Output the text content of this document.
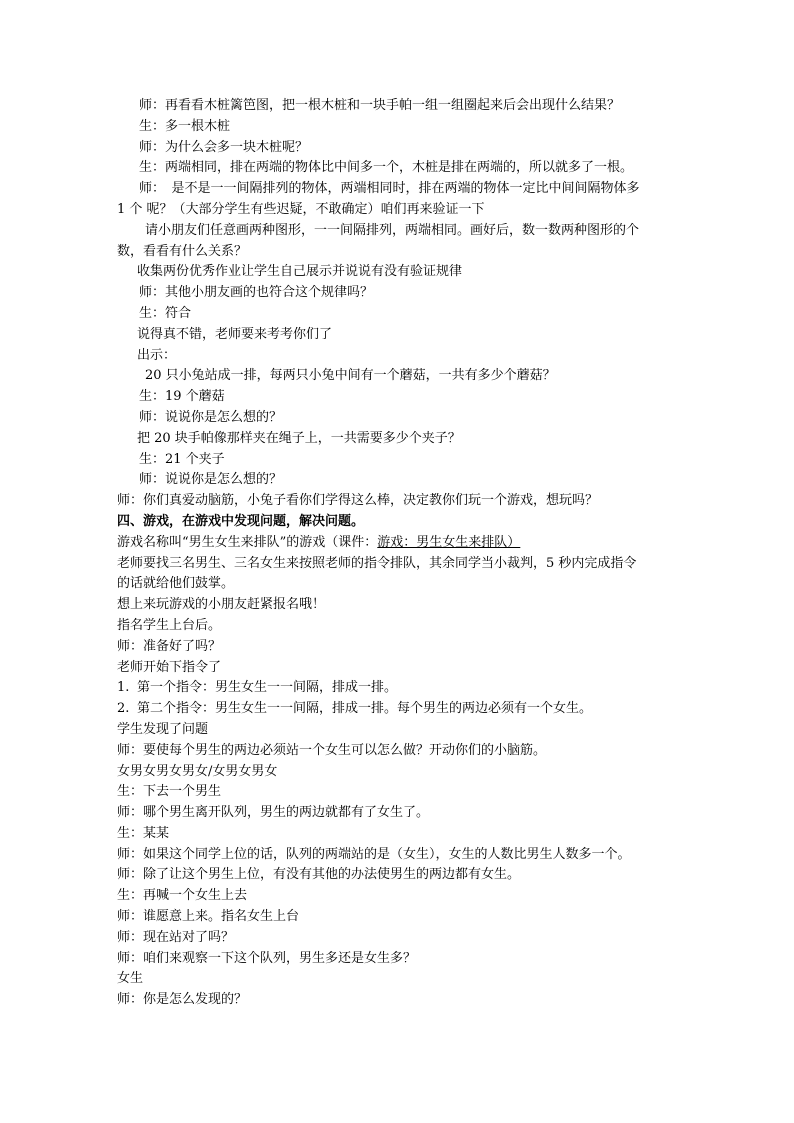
师：再看看木桩篱笆图，把一根木桩和一块手帕一组一组圈起来后会出现什么结果？
生：多一根木桩
师：为什么会多一块木桩呢？
生：两端相同，排在两端的物体比中间多一个，木桩是排在两端的，所以就多了一根。
师：　是不是一一间隔排列的物体，两端相同时，排在两端的物体一定比中间间隔物体多
1 个 呢？（大部分学生有些迟疑，不敢确定）咱们再来验证一下
请小朋友们任意画两种图形，一一间隔排列，两端相同。画好后，数一数两种图形的个
数，看看有什么关系？
收集两份优秀作业让学生自己展示并说说有没有验证规律
师：其他小朋友画的也符合这个规律吗？
生：符合
说得真不错，老师要来考考你们了
出示：
20 只小兔站成一排，每两只小兔中间有一个蘑菇，一共有多少个蘑菇？
生：19 个蘑菇
师：说说你是怎么想的？
把 20 块手帕像那样夹在绳子上，一共需要多少个夹子？
生：21 个夹子
师：说说你是怎么想的？
师：你们真爱动脑筋，小兔子看你们学得这么棒，决定教你们玩一个游戏，想玩吗？
四、游戏，在游戏中发现问题，解决问题。
游戏名称叫“男生女生来排队”的游戏（课件：游戏：男生女生来排队）
老师要找三名男生、三名女生来按照老师的指令排队，其余同学当小裁判，5 秒内完成指令
的话就给他们鼓掌。
想上来玩游戏的小朋友赶紧报名哦！
指名学生上台后。
师：准备好了吗？
老师开始下指令了
1. 第一个指令：男生女生一一间隔，排成一排。
2. 第二个指令：男生女生一一间隔，排成一排。每个男生的两边必须有一个女生。
学生发现了问题
师：要使每个男生的两边必须站一个女生可以怎么做？开动你们的小脑筋。
女男女男女男女/女男女男女
生：下去一个男生
师：哪个男生离开队列，男生的两边就都有了女生了。
生：某某
师：如果这个同学上位的话，队列的两端站的是（女生），女生的人数比男生人数多一个。
师：除了让这个男生上位，有没有其他的办法使男生的两边都有女生。
生：再喊一个女生上去
师：谁愿意上来。指名女生上台
师：现在站对了吗？
师：咱们来观察一下这个队列，男生多还是女生多？
女生
师：你是怎么发现的？
